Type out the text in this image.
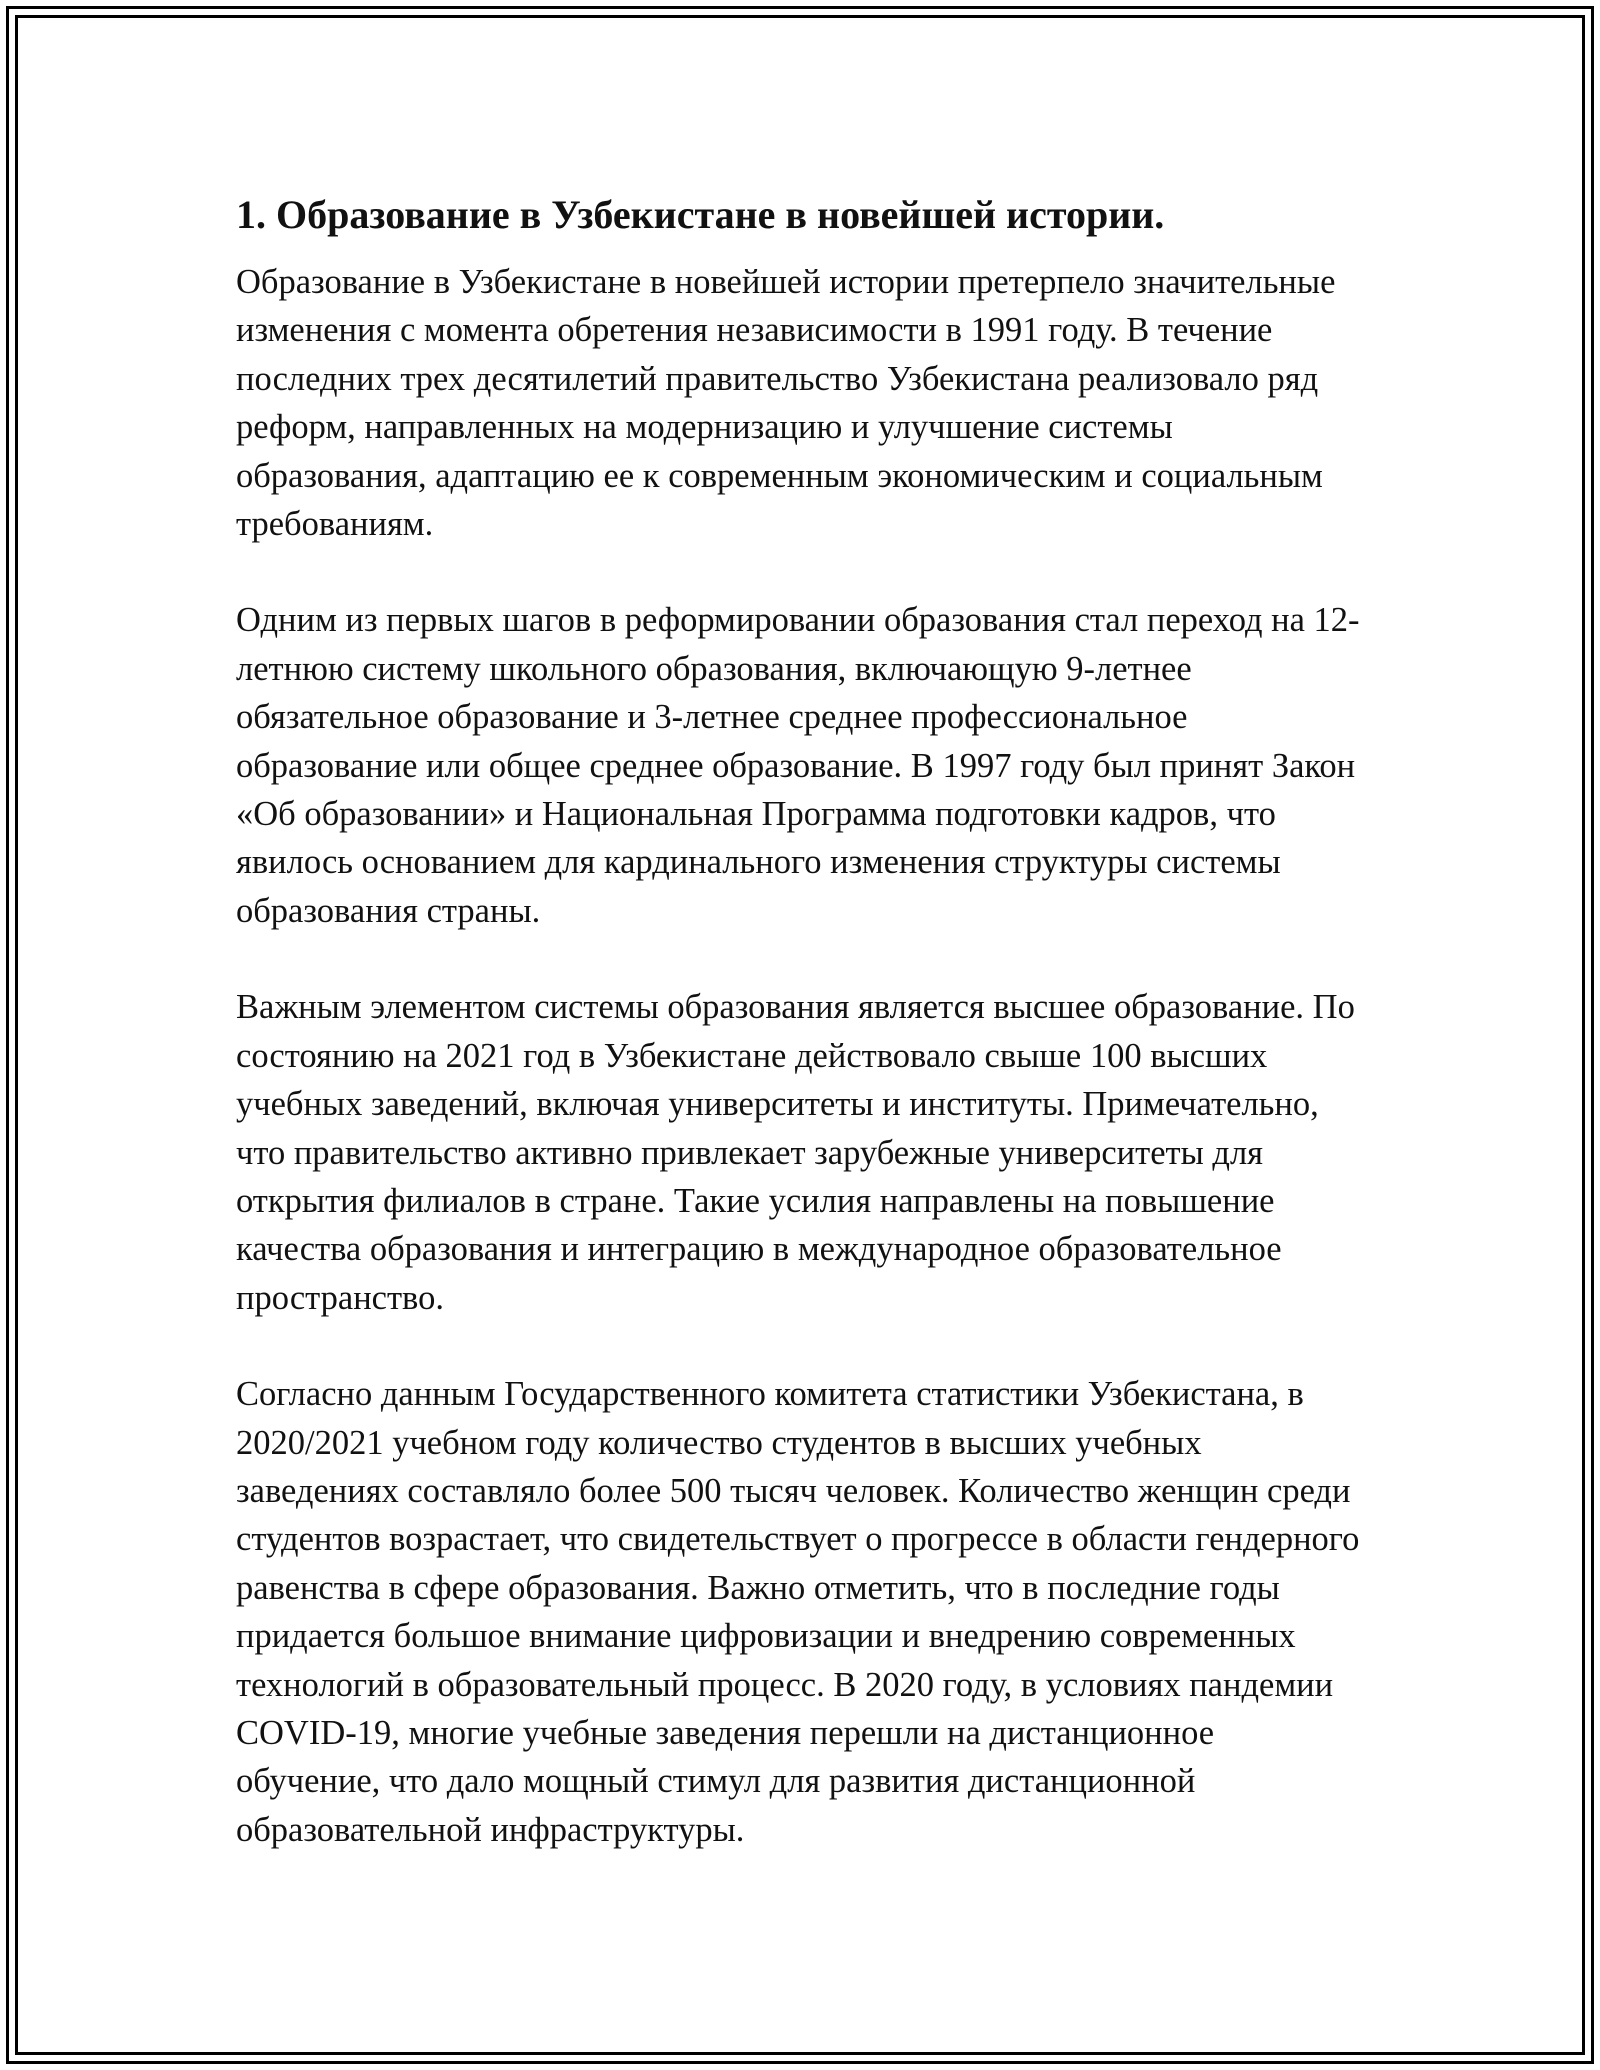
1. Образование в Узбекистане в новейшей истории.

Образование в Узбекистане в новейшей истории претерпело значительные изменения с момента обретения независимости в 1991 году. В течение последних трех десятилетий правительство Узбекистана реализовало ряд реформ, направленных на модернизацию и улучшение системы образования, адаптацию ее к современным экономическим и социальным требованиям.

Одним из первых шагов в реформировании образования стал переход на 12-летнюю систему школьного образования, включающую 9-летнее обязательное образование и 3-летнее среднее профессиональное образование или общее среднее образование. В 1997 году был принят Закон «Об образовании» и Национальная Программа подготовки кадров, что явилось основанием для кардинального изменения структуры системы образования страны.

Важным элементом системы образования является высшее образование. По состоянию на 2021 год в Узбекистане действовало свыше 100 высших учебных заведений, включая университеты и институты. Примечательно, что правительство активно привлекает зарубежные университеты для открытия филиалов в стране. Такие усилия направлены на повышение качества образования и интеграцию в международное образовательное пространство.

Согласно данным Государственного комитета статистики Узбекистана, в 2020/2021 учебном году количество студентов в высших учебных заведениях составляло более 500 тысяч человек. Количество женщин среди студентов возрастает, что свидетельствует о прогрессе в области гендерного равенства в сфере образования. Важно отметить, что в последние годы придается большое внимание цифровизации и внедрению современных технологий в образовательный процесс. В 2020 году, в условиях пандемии COVID-19, многие учебные заведения перешли на дистанционное обучение, что дало мощный стимул для развития дистанционной образовательной инфраструктуры.
